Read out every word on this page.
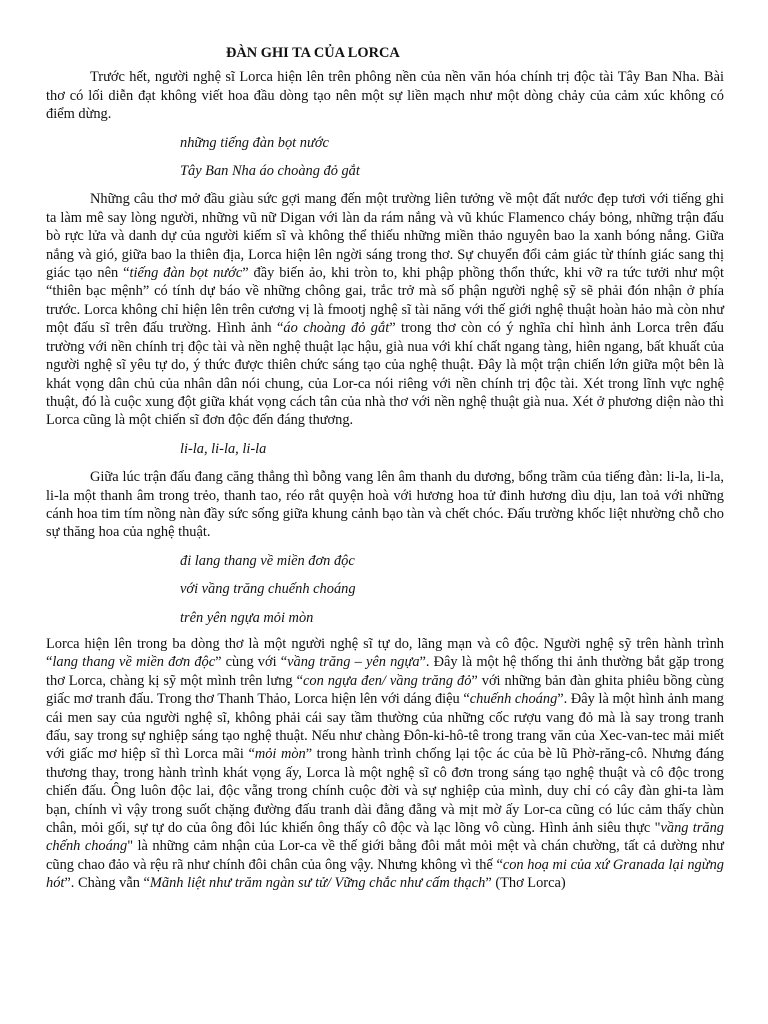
ĐÀN GHI TA CỦA LORCA

Trước hết, người nghệ sĩ Lorca hiện lên trên phông nền của nền văn hóa chính trị độc tài Tây Ban Nha. Bài thơ có lối diễn đạt không viết hoa đầu dòng tạo nên một sự liền mạch như một dòng chảy của cảm xúc không có điểm dừng.

những tiếng đàn bọt nước

Tây Ban Nha áo choàng đỏ gắt

Những câu thơ mở đầu giàu sức gợi mang đến một trường liên tưởng về một đất nước đẹp tươi với tiếng ghi ta làm mê say lòng người, những vũ nữ Digan với làn da rám nắng và vũ khúc Flamenco cháy bỏng, những trận đấu bò rực lửa và danh dự của người kiếm sĩ và không thể thiếu những miền thảo nguyên bao la xanh bóng nắng. Giữa nắng và gió, giữa bao la thiên địa, Lorca hiện lên ngời sáng trong thơ. Sự chuyển đổi cảm giác từ thính giác sang thị giác tạo nên “tiếng đàn bọt nước” đầy biến ảo, khi tròn to, khi phập phồng thổn thức, khi vỡ ra tức tưởi như một “thiên bạc mệnh” có tính dự báo về những chông gai, trắc trở mà số phận người nghệ sỹ sẽ phải đón nhận ở phía trước. Lorca không chỉ hiện lên trên cương vị là fmootj nghệ sĩ tài năng với thế giới nghệ thuật hoàn hảo mà còn như một đấu sĩ trên đấu trường. Hình ảnh “áo choàng đỏ gắt” trong thơ còn có ý nghĩa chỉ hình ảnh Lorca trên đấu trường với nền chính trị độc tài và nền nghệ thuật lạc hậu, già nua với khí chất ngang tàng, hiên ngang, bất khuất của người nghệ sĩ yêu tự do, ý thức được thiên chức sáng tạo của nghệ thuật. Đây là một trận chiến lớn giữa một bên là khát vọng dân chủ của nhân dân nói chung, của Lor-ca nói riêng với nền chính trị độc tài. Xét trong lĩnh vực nghệ thuật, đó là cuộc xung đột giữa khát vọng cách tân của nhà thơ với nền nghệ thuật già nua. Xét ở phương diện nào thì Lorca cũng là một chiến sĩ đơn độc đến đáng thương.

li-la, li-la, li-la

Giữa lúc trận đấu đang căng thẳng thì bỗng vang lên âm thanh du dương, bổng trầm của tiếng đàn: li-la, li-la, li-la một thanh âm trong trẻo, thanh tao, réo rắt quyện hoà với hương hoa tử đinh hương dìu dịu, lan toả với những cánh hoa tim tím nồng nàn đầy sức sống giữa khung cảnh bạo tàn và chết chóc. Đấu trường khốc liệt nhường chỗ cho sự thăng hoa của nghệ thuật.

đi lang thang về miền đơn độc

với vầng trăng chuếnh choáng

trên yên ngựa mỏi mòn

Lorca hiện lên trong ba dòng thơ là một người nghệ sĩ tự do, lãng mạn và cô độc. Người nghệ sỹ trên hành trình “lang thang về miền đơn độc” cùng với “vầng trăng – yên ngựa”. Đây là một hệ thống thi ảnh thường bắt gặp trong thơ Lorca, chàng kị sỹ một mình trên lưng “con ngựa đen/ vầng trăng đỏ” với những bản đàn ghita phiêu bồng cùng giấc mơ tranh đấu. Trong thơ Thanh Thảo, Lorca hiện lên với dáng điệu “chuếnh choáng”. Đây là một hình ảnh mang cái men say của người nghệ sĩ, không phải cái say tầm thường của những cốc rượu vang đỏ mà là say trong tranh đấu, say trong sự nghiệp sáng tạo nghệ thuật. Nếu như chàng Đôn-ki-hô-tê trong trang văn của Xec-van-tec mải miết với giấc mơ hiệp sĩ thì Lorca mãi “mỏi mòn” trong hành trình chống lại tộc ác của bè lũ Phờ-răng-cô. Nhưng đáng thương thay, trong hành trình khát vọng ấy, Lorca là một nghệ sĩ cô đơn trong sáng tạo nghệ thuật và cô độc trong chiến đấu. Ông luôn độc lai, độc vẵng trong chính cuộc đời và sự nghiệp của mình, duy chỉ có cây đàn ghi-ta làm bạn, chính vì vậy trong suốt chặng đường đấu tranh dài đằng đẵng và mịt mờ ấy Lor-ca cũng có lúc cảm thấy chùn chân, mỏi gối, sự tự do của ông đôi lúc khiến ông thấy cô độc và lạc lõng vô cùng. Hình ảnh siêu thực "vầng trăng chếnh choáng" là những cảm nhận của Lor-ca về thế giới bằng đôi mắt mỏi mệt và chán chường, tất cả dường như cũng chao đảo và rệu rã như chính đôi chân của ông vậy. Nhưng không vì thế “con hoạ mi của xứ Granada lại ngừng hót”. Chàng vẫn “Mãnh liệt như trăm ngàn sư tử/ Vững chắc như cấm thạch” (Thơ Lorca)
